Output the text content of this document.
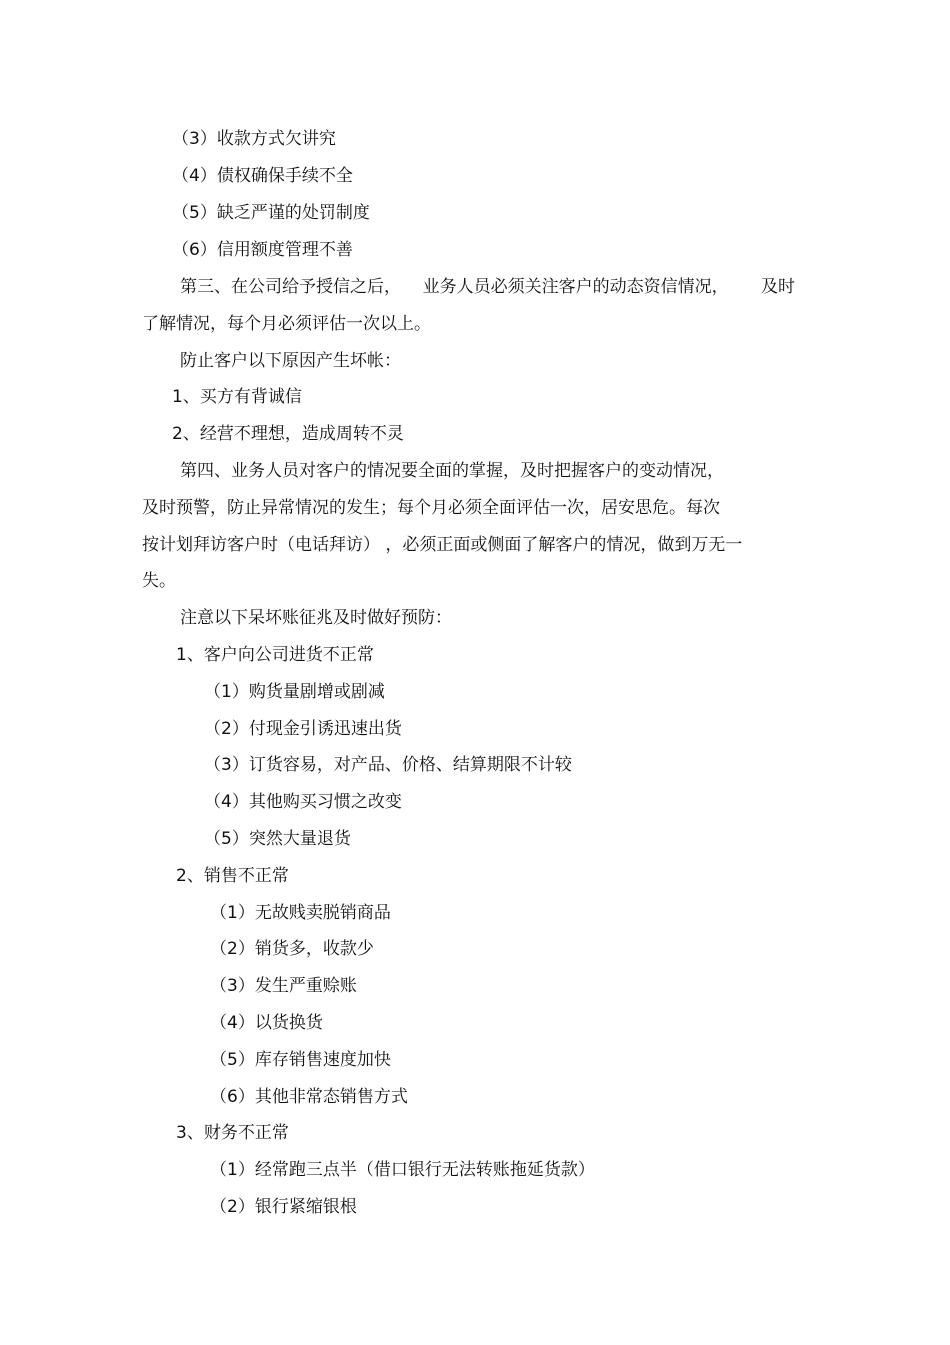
（3）收款方式欠讲究

（4）债权确保手续不全

（5）缺乏严谨的处罚制度

（6）信用额度管理不善

第三、在公司给予授信之后，    业务人员必须关注客户的动态资信情况，      及时

了解情况，每个月必须评估一次以上。

防止客户以下原因产生坏帐：

1、买方有背诚信

2、经营不理想，造成周转不灵

第四、业务人员对客户的情况要全面的掌握，及时把握客户的变动情况，

及时预警，防止异常情况的发生；每个月必须全面评估一次，居安思危。每次

按计划拜访客户时（电话拜访） ，必须正面或侧面了解客户的情况，做到万无一

失。

注意以下呆坏账征兆及时做好预防：

1、客户向公司进货不正常

（1）购货量剧增或剧减

（2）付现金引诱迅速出货

（3）订货容易，对产品、价格、结算期限不计较

（4）其他购买习惯之改变

（5）突然大量退货

2、销售不正常

（1）无故贱卖脱销商品

（2）销货多，收款少

（3）发生严重赊账

（4）以货换货

（5）库存销售速度加快

（6）其他非常态销售方式

3、财务不正常

（1）经常跑三点半（借口银行无法转账拖延货款）

（2）银行紧缩银根
